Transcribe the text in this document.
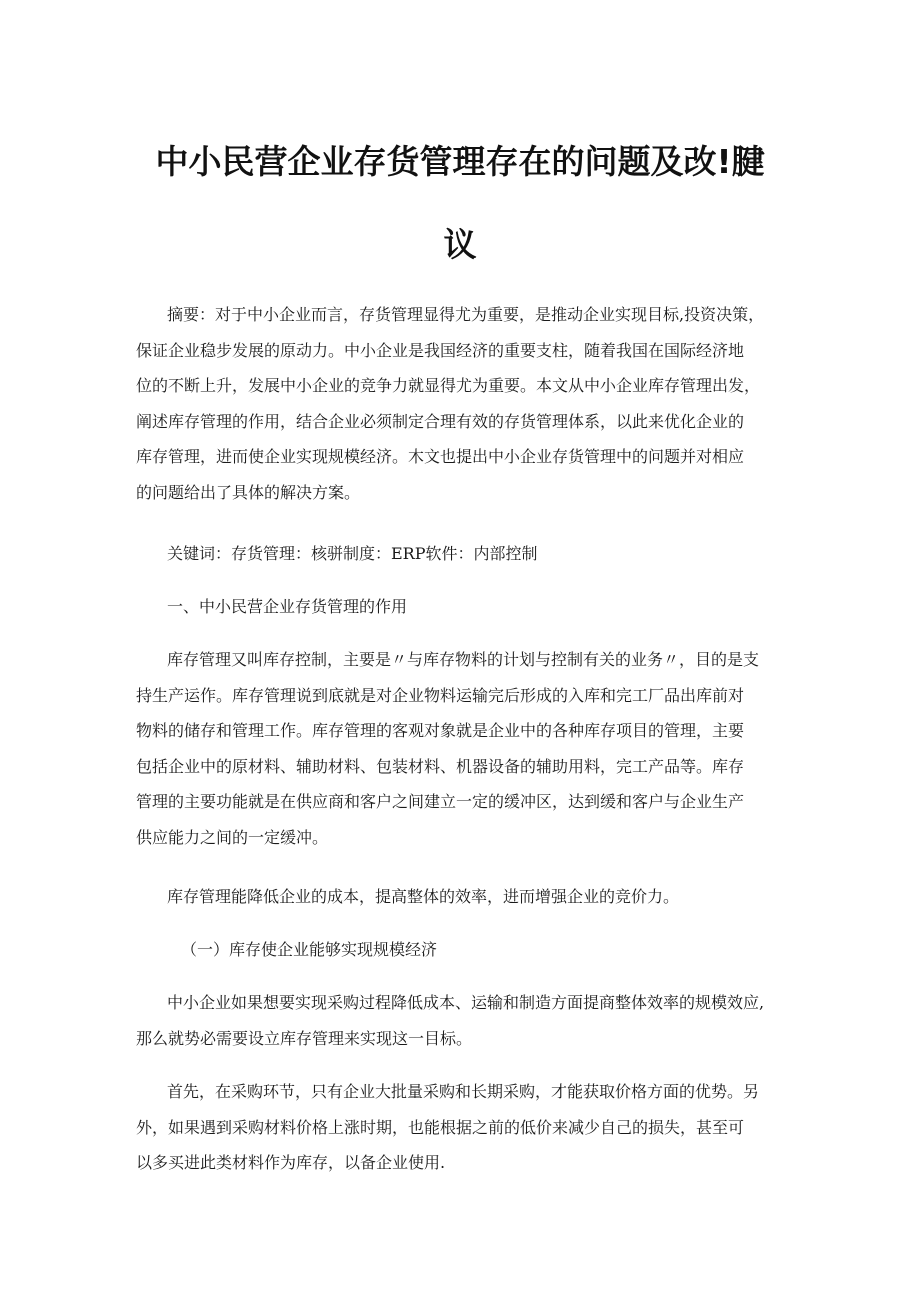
中小民营企业存货管理存在的问题及改!腱
议

摘要：对于中小企业而言，存货管理显得尤为重要，是推动企业实现目标,投资决策，
保证企业稳步发展的原动力。中小企业是我国经济的重要支柱，随着我国在国际经济地
位的不断上升，发展中小企业的竞争力就显得尤为重要。本文从中小企业库存管理出发，
阐述库存管理的作用，结合企业必须制定合理有效的存货管理体系，以此来优化企业的
库存管理，进而使企业实现规模经济。木文也提出中小企业存货管理中的问题并对相应
的问题给出了具体的解决方案。

关键词：存货管理：核骈制度：ERP软件：内部控制

一、中小民营企业存货管理的作用

库存管理又叫库存控制，主要是〃与库存物料的计划与控制有关的业务〃，目的是支
持生产运作。库存管理说到底就是对企业物料运输完后形成的入库和完工厂品出库前对
物料的储存和管理工作。库存管理的客观对象就是企业中的各种库存项目的管理，主要
包括企业中的原材料、辅助材料、包装材料、机器设备的辅助用料，完工产品等。库存
管理的主要功能就是在供应商和客户之间建立一定的缓冲区，达到缓和客户与企业生产
供应能力之间的一定缓冲。

库存管理能降低企业的成本，提高整体的效率，进而增强企业的竞价力。

（一）库存使企业能够实现规模经济

中小企业如果想要实现采购过程降低成本、运输和制造方面提商整体效率的规模效应,
那么就势必需要设立库存管理来实现这一目标。

首先，在采购环节，只有企业大批量采购和长期采购，才能获取价格方面的优势。另
外，如果遇到采购材料价格上涨时期，也能根据之前的低价来减少自己的损失，甚至可
以多买进此类材料作为库存，以备企业使用.
